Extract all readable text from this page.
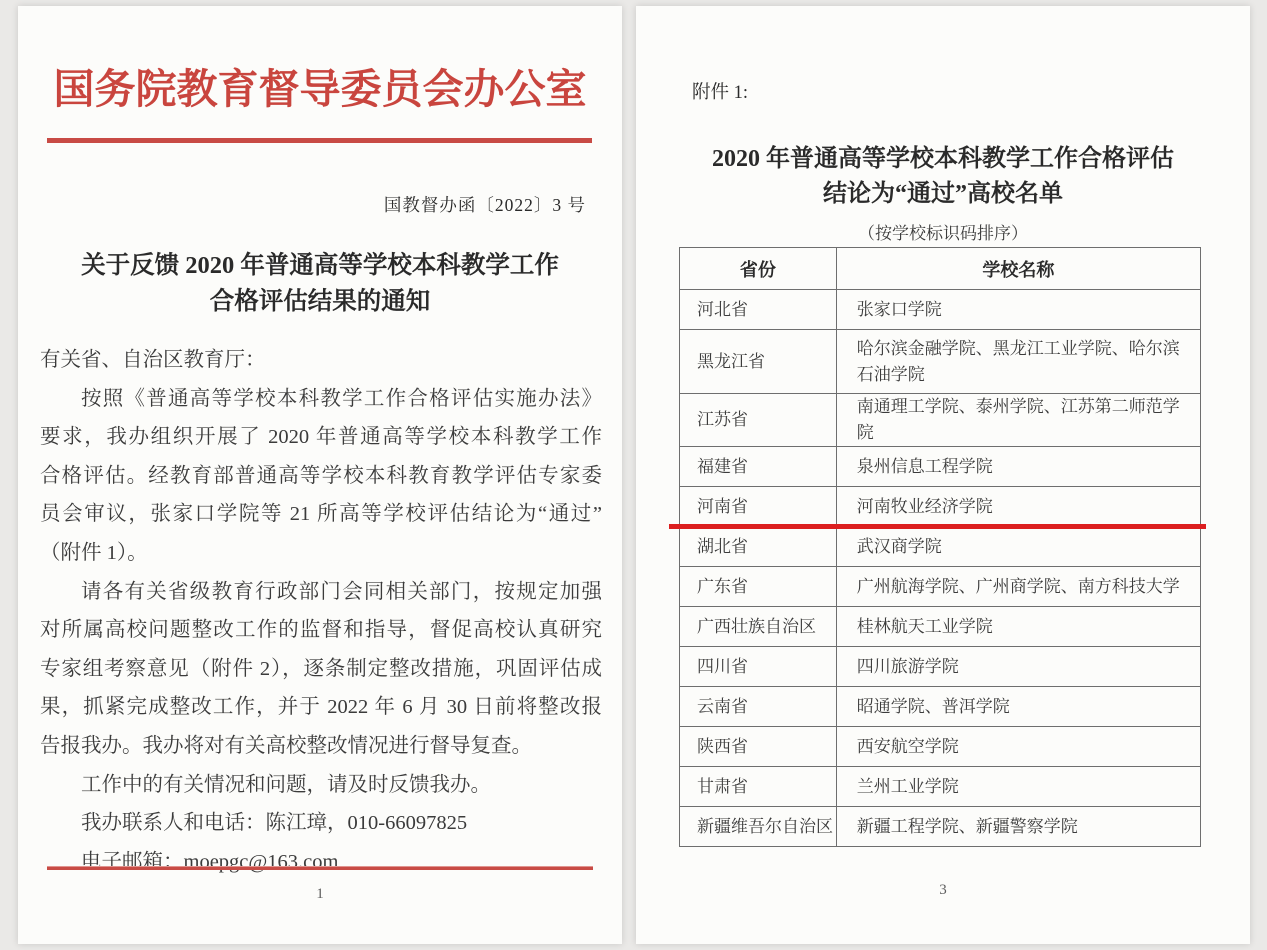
国务院教育督导委员会办公室
国教督办函〔2022〕3 号
关于反馈 2020 年普通高等学校本科教学工作
合格评估结果的通知
有关省、自治区教育厅：
按照《普通高等学校本科教学工作合格评估实施办法》
要求，我办组织开展了 2020 年普通高等学校本科教学工作
合格评估。经教育部普通高等学校本科教育教学评估专家委
员会审议，张家口学院等 21 所高等学校评估结论为“通过”
（附件 1）。
请各有关省级教育行政部门会同相关部门，按规定加强
对所属高校问题整改工作的监督和指导，督促高校认真研究
专家组考察意见（附件 2），逐条制定整改措施，巩固评估成
果，抓紧完成整改工作，并于 2022 年 6 月 30 日前将整改报
告报我办。我办将对有关高校整改情况进行督导复查。
工作中的有关情况和问题，请及时反馈我办。
我办联系人和电话：陈江璋，010-66097825
电子邮箱：moepgc@163.com
1
附件 1:
2020 年普通高等学校本科教学工作合格评估
结论为“通过”高校名单
（按学校标识码排序）
省份	学校名称
河北省	张家口学院
黑龙江省	哈尔滨金融学院、黑龙江工业学院、哈尔滨石油学院
江苏省	南通理工学院、泰州学院、江苏第二师范学院
福建省	泉州信息工程学院
河南省	河南牧业经济学院
湖北省	武汉商学院
广东省	广州航海学院、广州商学院、南方科技大学
广西壮族自治区	桂林航天工业学院
四川省	四川旅游学院
云南省	昭通学院、普洱学院
陕西省	西安航空学院
甘肃省	兰州工业学院
新疆维吾尔自治区	新疆工程学院、新疆警察学院
3
